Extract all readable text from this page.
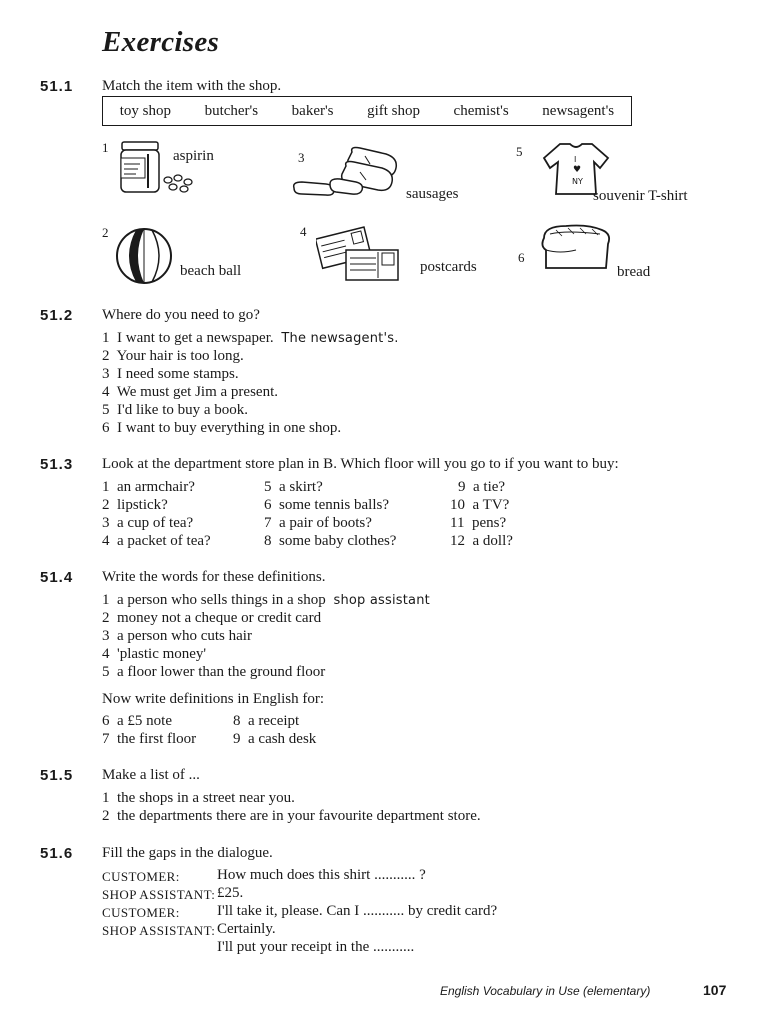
Exercises
51.1 Match the item with the shop.
toy shop butcher's baker's gift shop chemist's newsagent's
1
aspirin
2
beach ball
3
sausages
4
postcards
5
I
♥
NY
souvenir T-shirt
6
bread
51.2 Where do you need to go?
1 I want to get a newspaper. The newsagent's.
2 Your hair is too long.
3 I need some stamps.
4 We must get Jim a present.
5 I'd like to buy a book.
6 I want to buy everything in one shop.
51.3 Look at the department store plan in B. Which floor will you go to if you want to buy:
1 an armchair?
2 lipstick?
3 a cup of tea?
4 a packet of tea?
5 a skirt?
6 some tennis balls?
7 a pair of boots?
8 some baby clothes?
9 a tie?
10 a TV?
11 pens?
12 a doll?
51.4 Write the words for these definitions.
1 a person who sells things in a shop shop assistant
2 money not a cheque or credit card
3 a person who cuts hair
4 'plastic money'
5 a floor lower than the ground floor
Now write definitions in English for:
6 a £5 note
7 the first floor
8 a receipt
9 a cash desk
51.5 Make a list of ...
1 the shops in a street near you.
2 the departments there are in your favourite department store.
51.6 Fill the gaps in the dialogue.
CUSTOMER: How much does this shirt ........... ?
SHOP ASSISTANT: £25.
CUSTOMER: I'll take it, please. Can I ........... by credit card?
SHOP ASSISTANT: Certainly.
I'll put your receipt in the ...........
English Vocabulary in Use (elementary)	107
